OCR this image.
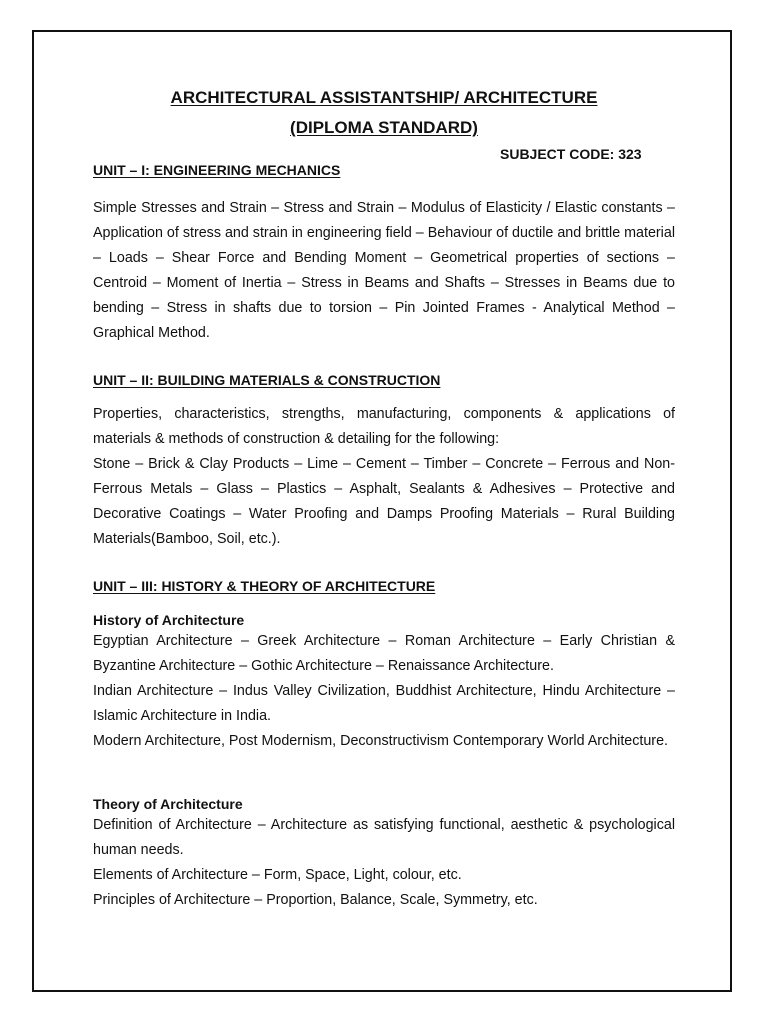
ARCHITECTURAL ASSISTANTSHIP/ ARCHITECTURE
(DIPLOMA STANDARD)
SUBJECT CODE: 323

UNIT – I: ENGINEERING MECHANICS

Simple Stresses and Strain – Stress and Strain – Modulus of Elasticity / Elastic constants – Application of stress and strain in engineering field – Behaviour of ductile and brittle material – Loads – Shear Force and Bending Moment – Geometrical properties of sections – Centroid – Moment of Inertia – Stress in Beams and Shafts – Stresses in Beams due to bending – Stress in shafts due to torsion – Pin Jointed Frames - Analytical Method – Graphical Method.

UNIT – II: BUILDING MATERIALS & CONSTRUCTION

Properties, characteristics, strengths, manufacturing, components & applications of materials & methods of construction & detailing for the following:

Stone – Brick & Clay Products – Lime – Cement – Timber – Concrete – Ferrous and Non-Ferrous Metals – Glass – Plastics – Asphalt, Sealants & Adhesives – Protective and Decorative Coatings – Water Proofing and Damps Proofing Materials – Rural Building Materials(Bamboo, Soil, etc.).

UNIT – III: HISTORY & THEORY OF ARCHITECTURE

History of Architecture

Egyptian Architecture – Greek Architecture – Roman Architecture – Early Christian & Byzantine Architecture – Gothic Architecture – Renaissance Architecture.

Indian Architecture – Indus Valley Civilization, Buddhist Architecture, Hindu Architecture – Islamic Architecture in India.

Modern Architecture, Post Modernism, Deconstructivism Contemporary World Architecture.

Theory of Architecture

Definition of Architecture – Architecture as satisfying functional, aesthetic & psychological human needs.

Elements of Architecture – Form, Space, Light, colour, etc.

Principles of Architecture – Proportion, Balance, Scale, Symmetry, etc.
